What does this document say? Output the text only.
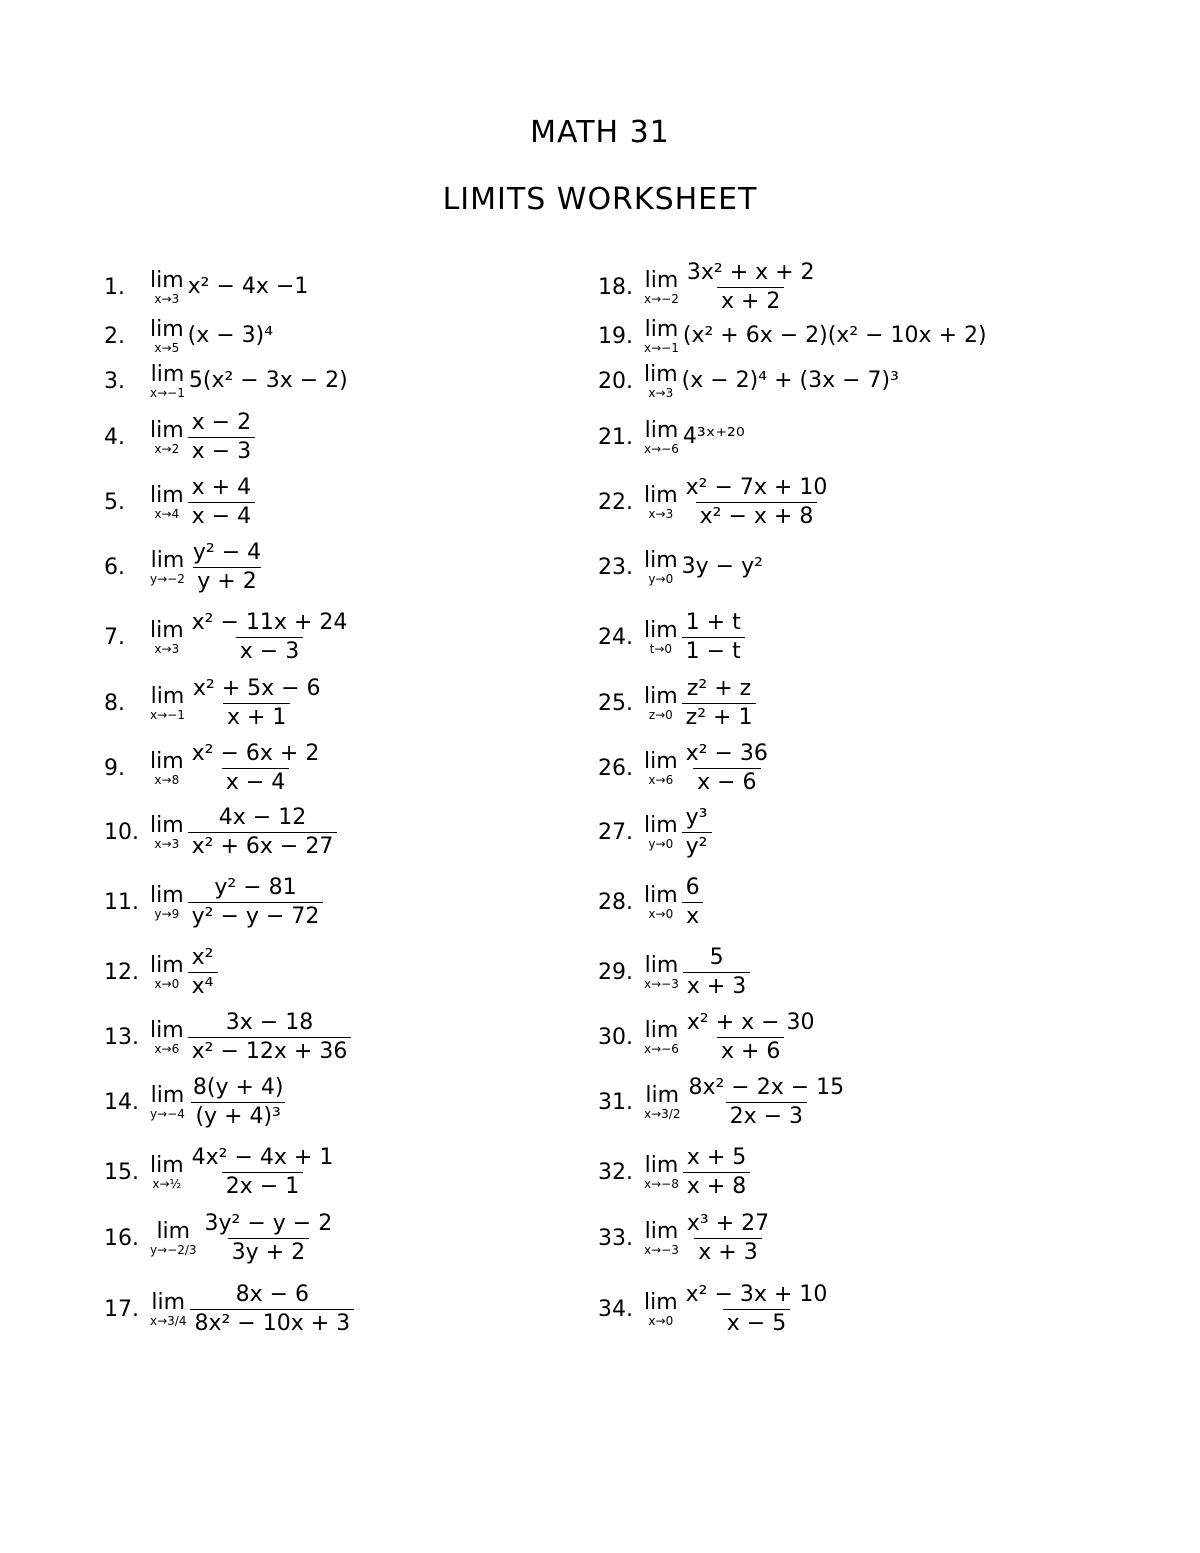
MATH 31
LIMITS WORKSHEET
1.	lim
x→3 x² − 4x −1
2.	lim
x→5 (x − 3)⁴
3.	lim
x→−1 5(x² − 3x − 2)
4.	lim
$x\to 2 \frac{x - 2}{x - 3}$
5.	lim
$x\to 4 \frac{x + 4}{x - 4}$
6.	lim
$y\to-2 \frac{\text{y² − 4}}{y + 2}$
7.	lim
$x\to 3 \frac{\text{x² − 11x + 24}}{x - 3}$
8.	lim
$x\to-1 \frac{\text{x² + 5x − 6}}{x + 1}$
9.	lim
$x\to 8 \frac{\text{x² − 6x + 2}}{x - 4}$
10. lim
$x\to 3 \frac{4x - 12}{\text{x² + 6x − 27}}$
11. lim
$y\to 9 \frac{\text{y² − 81}}{\text{y² − y − 72}}$
12. lim
$x\to 0 \frac{\text{x²}}{\text{x⁴}}$
13. lim
$x\to 6 \frac{3x - 18}{\text{x² − 12x + 36}}$
14. lim
$y\to-4 \frac{8(y + 4)}{\text{(y + 4)³}}$
15. lim
x→½ $\frac{\text{4x² − 4x + 1}}{2x - 1}$
16. lim
$y\to-2/3 \frac{\text{3y² − y − 2}}{3y + 2}$
17. lim
$x\to 3/4 \frac{8x - 6}{\text{8x² − 10x + 3}}$
18. lim
$x\to-2 \frac{\text{3x² + x + 2}}{x + 2}$
19. lim
x→−1 (x² + 6x − 2)(x² − 10x + 2)
20. lim
x→3 (x − 2)⁴ + (3x − 7)³
21. lim
x→−6 4³ˣ⁺²⁰
22. lim
$x\to 3 \frac{\text{x² − 7x + 10}}{\text{x² − x + 8}}$
23. lim
y→0 3y − y²
24. lim
$t\to 0 \frac{1 + t}{1 - t}$
25. lim
$z\to 0 \frac{\text{z² + z}}{\text{z² + 1}}$
26. lim
$x\to 6 \frac{\text{x² − 36}}{x - 6}$
27. lim
$y\to 0 \frac{\text{y³}}{\text{y²}}$
28. lim
$x\to 0 \frac{6}{x}$
29. lim
$x\to-3 \frac{5}{x + 3}$
30. lim
$x\to-6 \frac{\text{x² + x − 30}}{x + 6}$
31. lim
$x\to 3/2 \frac{\text{8x² − 2x − 15}}{2x - 3}$
32. lim
$x\to-8 \frac{x + 5}{x + 8}$
33. lim
$x\to-3 \frac{\text{x³ + 27}}{x + 3}$
34. lim
$x\to 0 \frac{\text{x² − 3x + 10}}{x - 5}$
